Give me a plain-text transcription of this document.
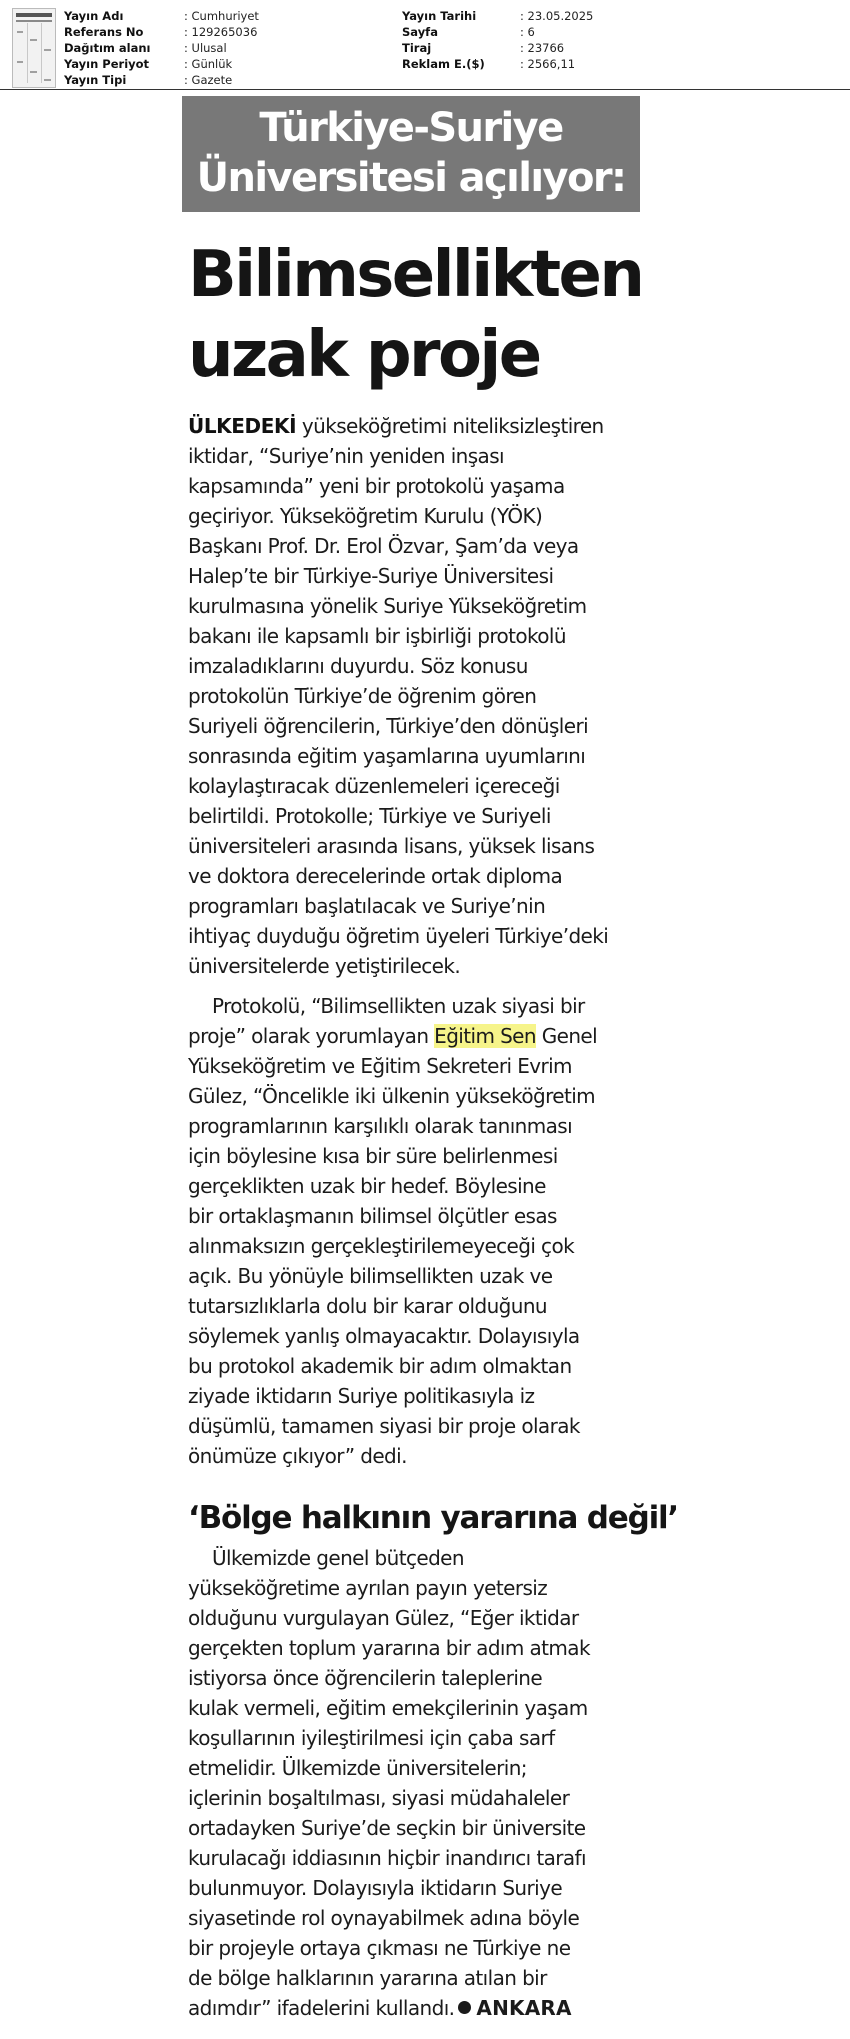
Yayın Adı	: Cumhuriyet
Referans No	: 129265036
Dağıtım alanı	: Ulusal
Yayın Periyot	: Günlük
Yayın Tipi	: Gazete
Yayın Tarihi	: 23.05.2025
Sayfa	: 6
Tiraj	: 23766
Reklam E.($)	: 2566,11
Türkiye-Suriye
Üniversitesi açılıyor:
Bilimsellikten
uzak proje
ÜLKEDEKİ yükseköğretimi niteliksizleştiren
iktidar, “Suriye’nin yeniden inşası
kapsamında” yeni bir protokolü yaşama
geçiriyor. Yükseköğretim Kurulu (YÖK)
Başkanı Prof. Dr. Erol Özvar, Şam’da veya
Halep’te bir Türkiye-Suriye Üniversitesi
kurulmasına yönelik Suriye Yükseköğretim
bakanı ile kapsamlı bir işbirliği protokolü
imzaladıklarını duyurdu. Söz konusu
protokolün Türkiye’de öğrenim gören
Suriyeli öğrencilerin, Türkiye’den dönüşleri
sonrasında eğitim yaşamlarına uyumlarını
kolaylaştıracak düzenlemeleri içereceği
belirtildi. Protokolle; Türkiye ve Suriyeli
üniversiteleri arasında lisans, yüksek lisans
ve doktora derecelerinde ortak diploma
programları başlatılacak ve Suriye’nin
ihtiyaç duyduğu öğretim üyeleri Türkiye’deki
üniversitelerde yetiştirilecek.
Protokolü, “Bilimsellikten uzak siyasi bir
proje” olarak yorumlayan Eğitim Sen Genel
Yükseköğretim ve Eğitim Sekreteri Evrim
Gülez, “Öncelikle iki ülkenin yükseköğretim
programlarının karşılıklı olarak tanınması
için böylesine kısa bir süre belirlenmesi
gerçeklikten uzak bir hedef. Böylesine
bir ortaklaşmanın bilimsel ölçütler esas
alınmaksızın gerçekleştirilemeyeceği çok
açık. Bu yönüyle bilimsellikten uzak ve
tutarsızlıklarla dolu bir karar olduğunu
söylemek yanlış olmayacaktır. Dolayısıyla
bu protokol akademik bir adım olmaktan
ziyade iktidarın Suriye politikasıyla iz
düşümlü, tamamen siyasi bir proje olarak
önümüze çıkıyor” dedi.
‘Bölge halkının yararına değil’
Ülkemizde genel bütçeden
yükseköğretime ayrılan payın yetersiz
olduğunu vurgulayan Gülez, “Eğer iktidar
gerçekten toplum yararına bir adım atmak
istiyorsa önce öğrencilerin taleplerine
kulak vermeli, eğitim emekçilerinin yaşam
koşullarının iyileştirilmesi için çaba sarf
etmelidir. Ülkemizde üniversitelerin;
içlerinin boşaltılması, siyasi müdahaleler
ortadayken Suriye’de seçkin bir üniversite
kurulacağı iddiasının hiçbir inandırıcı tarafı
bulunmuyor. Dolayısıyla iktidarın Suriye
siyasetinde rol oynayabilmek adına böyle
bir projeyle ortaya çıkması ne Türkiye ne
de bölge halklarının yararına atılan bir
adımdır” ifadelerini kullandı. ANKARA
